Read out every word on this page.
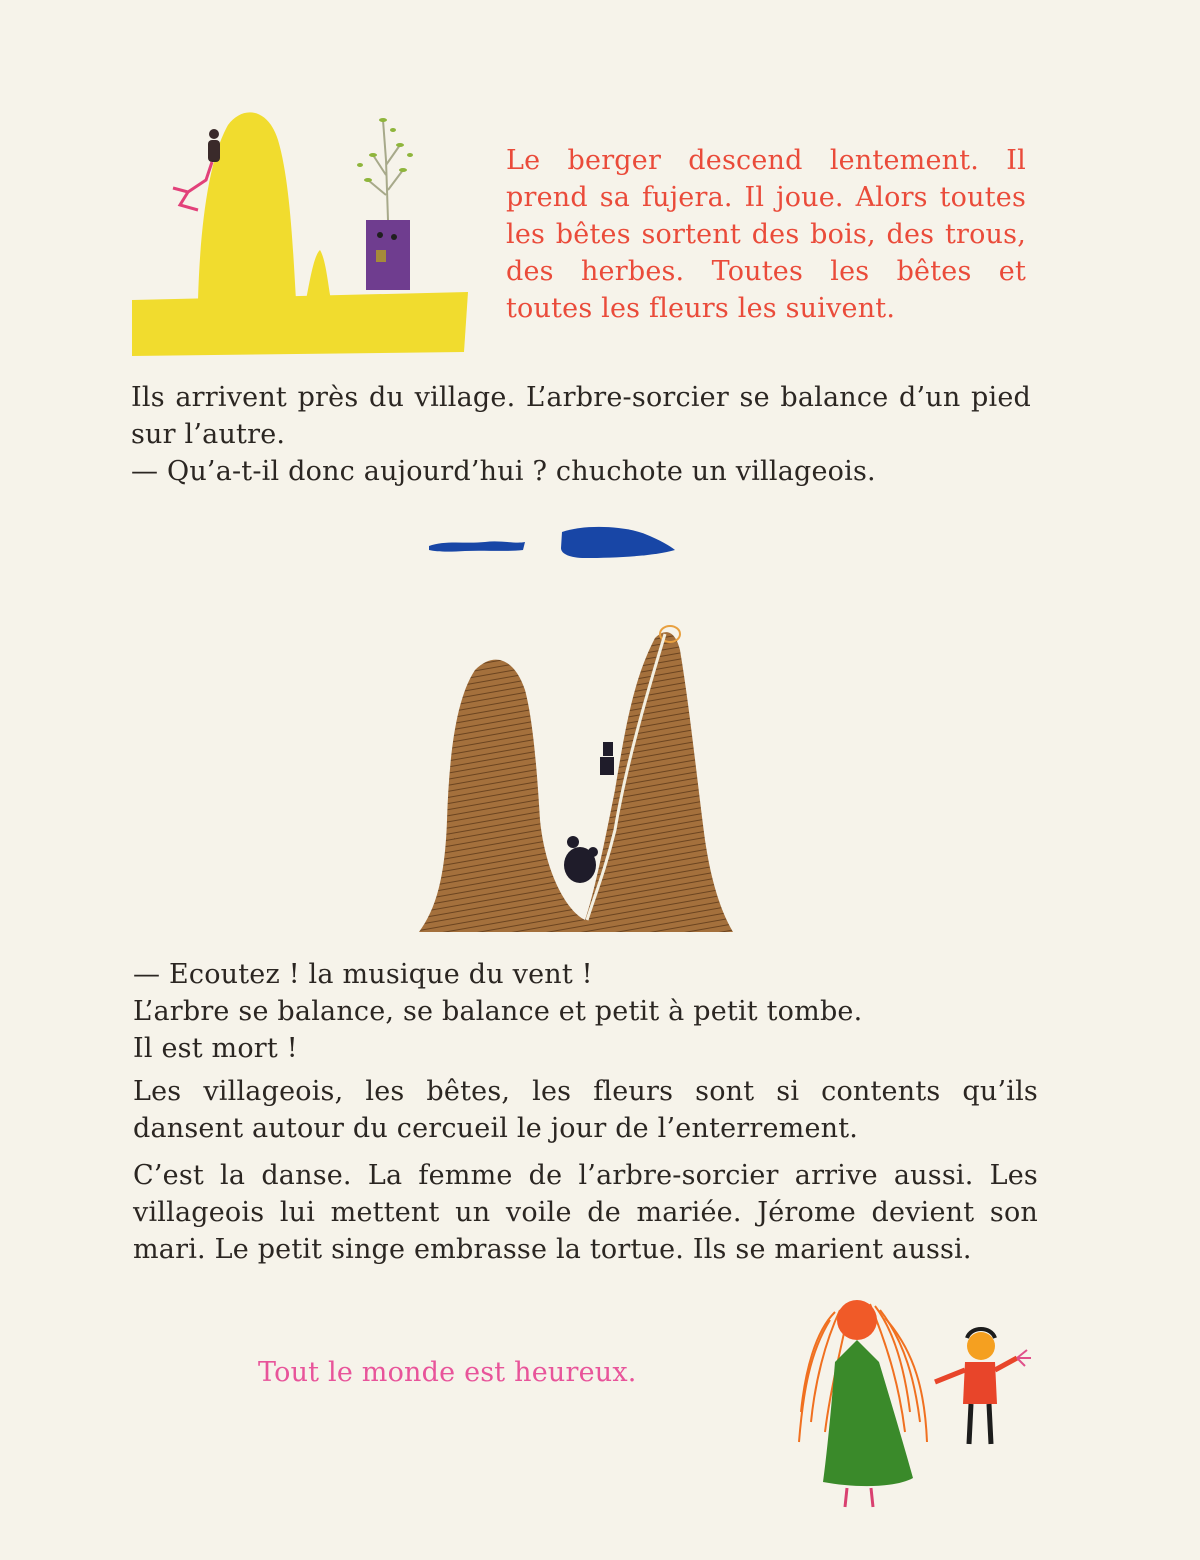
Le berger descend lentement. Il prend sa fujera. Il joue. Alors toutes les bêtes sortent des bois, des trous, des herbes. Toutes les bêtes et toutes les fleurs les suivent.

Ils arrivent près du village. L’arbre-sorcier se balance d’un pied sur l’autre.

— Qu’a-t-il donc aujourd’hui ? chuchote un villageois.

— Ecoutez ! la musique du vent !

L’arbre se balance, se balance et petit à petit tombe.

Il est mort !

Les villageois, les bêtes, les fleurs sont si contents qu’ils dansent autour du cercueil le jour de l’enterrement.

C’est la danse. La femme de l’arbre-sorcier arrive aussi. Les villageois lui mettent un voile de mariée. Jérome devient son mari. Le petit singe embrasse la tortue. Ils se marient aussi.

Tout le monde est heureux.
